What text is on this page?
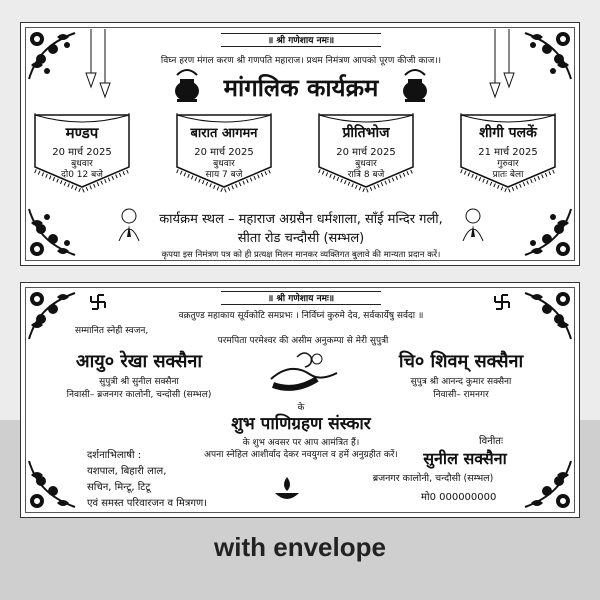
॥ श्री गणेशाय नमः॥
विघ्न हरण मंगल करण श्री गणपति महाराज। प्रथम निमंत्रण आपको पूरण कीजी काज।।
मांगलिक कार्यक्रम
मण्डप
20 मार्च 2025
बुधवार
दो0 12 बजे
बारात आगमन
20 मार्च 2025
बुधवार
साय 7 बजे
प्रीतिभोज
20 मार्च 2025
बुधवार
रात्रि 8 बजे
शीगी पलकें
21 मार्च 2025
गुरुवार
प्रातः बेला
कार्यक्रम स्थल – महाराज अग्रसैन धर्मशाला, साँई मन्दिर गली,
सीता रोड चन्दौसी (सम्भल)
कृपया इस निमंत्रण पत्र को ही प्रत्यक्ष मिलन मानकर व्यक्तिगत बुलावे की मान्यता प्रदान करें।
॥ श्री गणेशाय नमः॥
वक्रतुण्ड महाकाय सूर्यकोटि समप्रभः । निर्विघ्नं कुरुमे देव, सर्वकार्येषु सर्वदा ॥
सम्मानित स्नेही स्वजन,
परमपिता परमेश्वर की असीम अनुकम्पा से मेरी सुपुत्री
आयु० रेखा सक्सैना
सुपुत्री श्री सुनील सक्सैना
निवासी– ब्रजनगर कालोनी, चन्दोसी (सम्भल)
चि० शिवम् सक्सैना
सुपुत्र श्री आनन्द कुमार सक्सैना
निवासी– रामनगर
के
शुभ पाणिग्रहण संस्कार
के शुभ अवसर पर आप आमंत्रित हैं।
अपना स्नेहिल आशीर्वाद देकर नवयुगल व हमें अनुग्रहीत करें।
दर्शनाभिलाषी :
यशपाल, बिहारी लाल,
सचिन, मिन्टू, टिटू
एवं समस्त परिवारजन व मित्रगण।
विनीतः
सुनील सक्सैना
ब्रजनगर कालोनी, चन्दौसी (सम्भल)
मो0 000000000
with envelope
